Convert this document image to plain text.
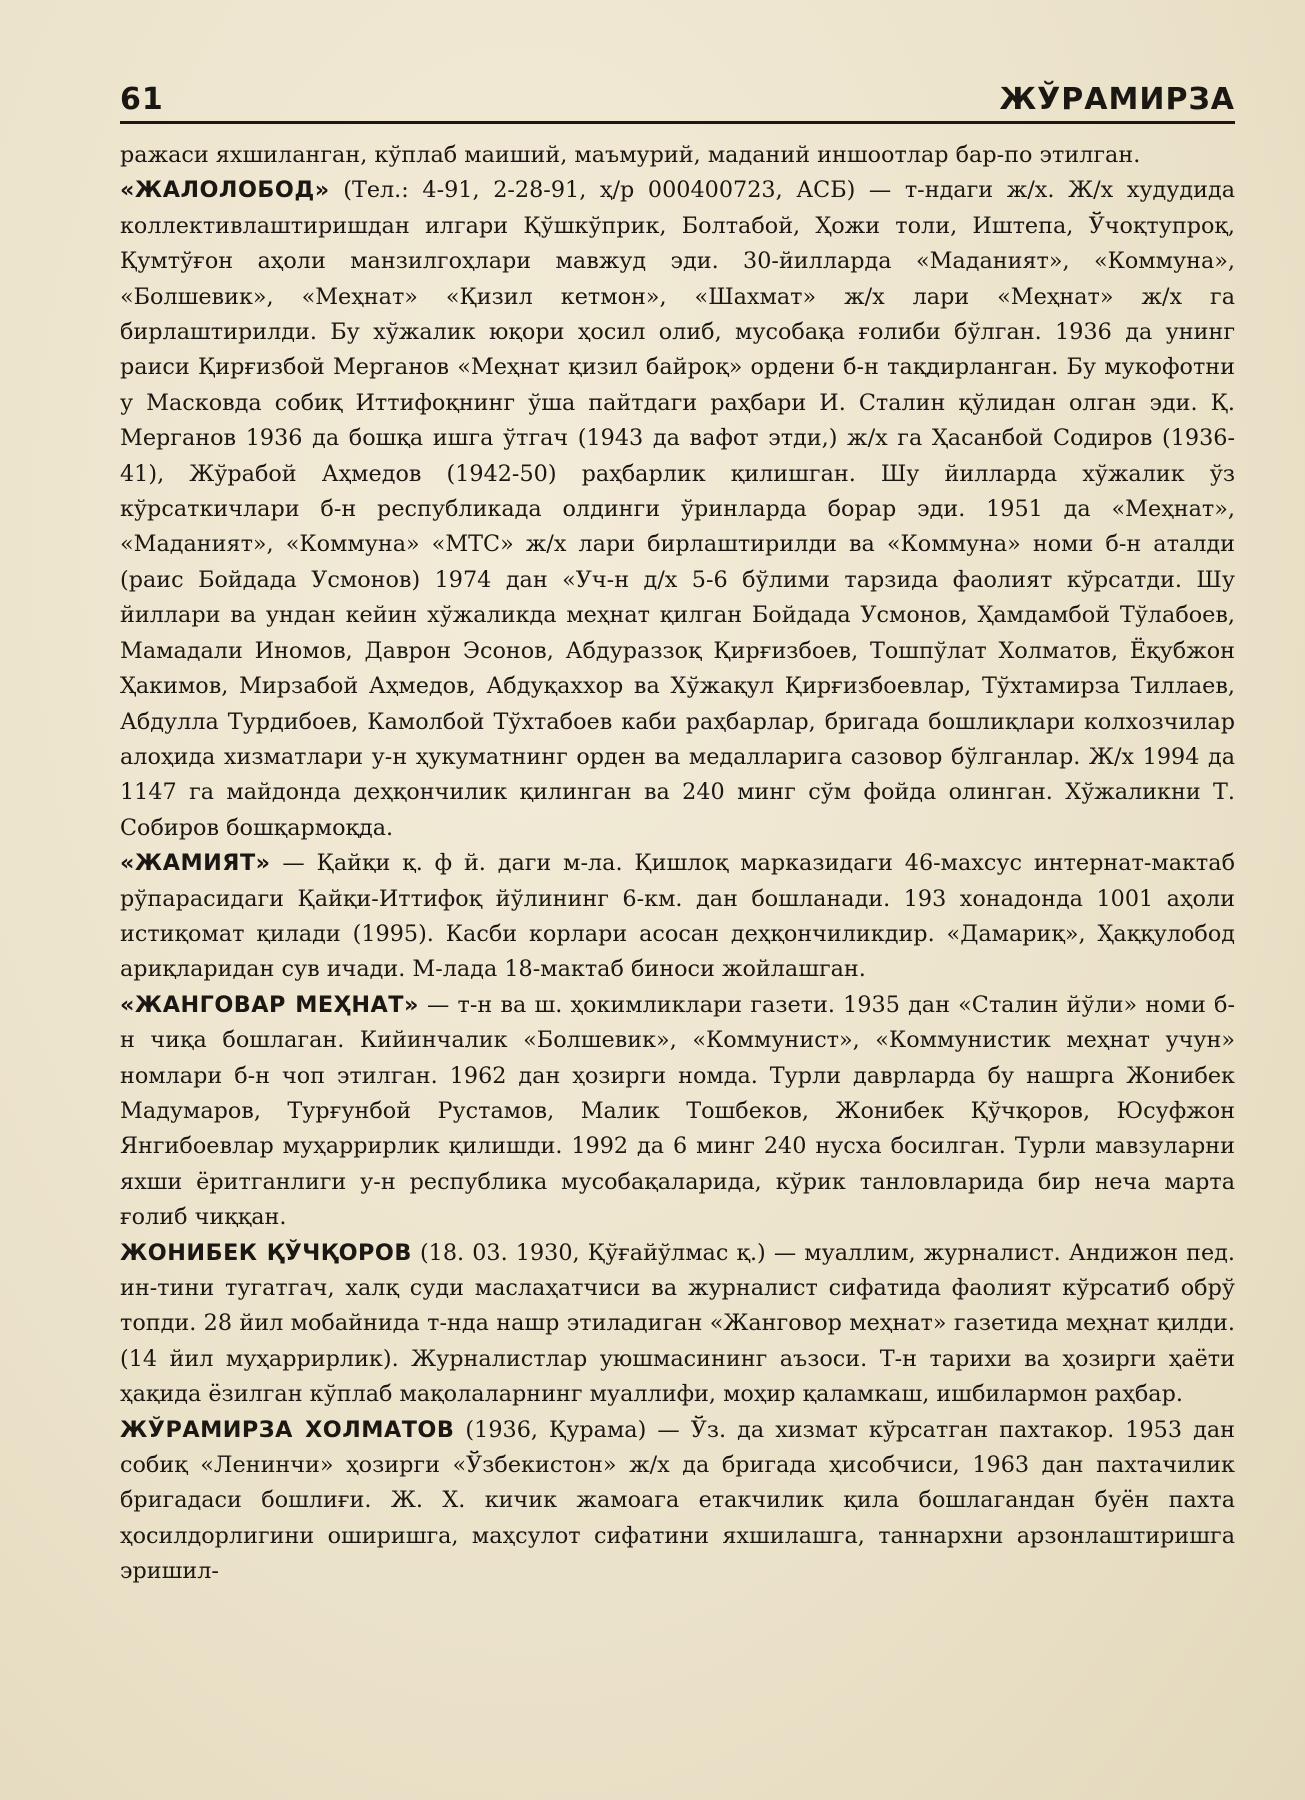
61	ЖЎРАМИРЗА

ражаси яхшиланган, кўплаб маиший, маъмурий, маданий иншоотлар бар-по этилган.

«ЖАЛОЛОБОД» (Тел.: 4-91, 2-28-91, ҳ/р 000400723, АСБ) — т-ндаги ж/х. Ж/х худудида коллективлаштиришдан илгари Қўшкўприк, Болтабой, Ҳожи толи, Иштепа, Ўчоқтупроқ, Қумтўғон аҳоли манзилгоҳлари мавжуд эди. 30-йилларда «Маданият», «Коммуна», «Болшевик», «Меҳнат» «Қизил кетмон», «Шахмат» ж/х лари «Меҳнат» ж/х га бирлаштирилди. Бу хўжалик юқори ҳосил олиб, мусобақа ғолиби бўлган. 1936 да унинг раиси Қирғизбой Мерганов «Меҳнат қизил байроқ» ордени б-н тақдирланган. Бу мукофотни у Масковда собиқ Иттифоқнинг ўша пайтдаги раҳбари И. Сталин қўлидан олган эди. Қ. Мерганов 1936 да бошқа ишга ўтгач (1943 да вафот этди,) ж/х га Ҳасанбой Содиров (1936-41), Жўрабой Аҳмедов (1942-50) раҳбарлик қилишган. Шу йилларда хўжалик ўз кўрсаткичлари б-н республикада олдинги ўринларда борар эди. 1951 да «Меҳнат», «Маданият», «Коммуна» «МТС» ж/х лари бирлаштирилди ва «Коммуна» номи б-н аталди (раис Бойдада Усмонов) 1974 дан «Уч-н д/х 5-6 бўлими тарзида фаолият кўрсатди. Шу йиллари ва ундан кейин хўжаликда меҳнат қилган Бойдада Усмонов, Ҳамдамбой Тўлабоев, Мамадали Иномов, Даврон Эсонов, Абдураззоқ Қирғизбоев, Тошпўлат Холматов, Ёқубжон Ҳакимов, Мирзабой Аҳмедов, Абдуқаххор ва Хўжақул Қирғизбоевлар, Тўхтамирза Тиллаев, Абдулла Турдибоев, Камолбой Тўхтабоев каби раҳбарлар, бригада бошлиқлари колхозчилар алоҳида хизматлари у-н ҳукуматнинг орден ва медалларига сазовор бўлганлар. Ж/х 1994 да 1147 га майдонда деҳқончилик қилинган ва 240 минг сўм фойда олинган. Хўжаликни Т. Собиров бошқармоқда.

«ЖАМИЯТ» — Қайқи қ. ф й. даги м-ла. Қишлоқ марказидаги 46-махсус интернат-мактаб рўпарасидаги Қайқи-Иттифоқ йўлининг 6-км. дан бошланади. 193 хонадонда 1001 аҳоли истиқомат қилади (1995). Касби корлари асосан деҳқончиликдир. «Дамариқ», Ҳаққулобод ариқларидан сув ичади. М-лада 18-мактаб биноси жойлашган.

«ЖАНГОВАР МЕҲНАТ» — т-н ва ш. ҳокимликлари газети. 1935 дан «Сталин йўли» номи б-н чиқа бошлаган. Кийинчалик «Болшевик», «Коммунист», «Коммунистик меҳнат учун» номлари б-н чоп этилган. 1962 дан ҳозирги номда. Турли даврларда бу нашрга Жонибек Мадумаров, Турғунбой Рустамов, Малик Тошбеков, Жонибек Қўчқоров, Юсуфжон Янгибоевлар муҳаррирлик қилишди. 1992 да 6 минг 240 нусха босилган. Турли мавзуларни яхши ёритганлиги у-н республика мусобақаларида, кўрик танловларида бир неча марта ғолиб чиққан.

ЖОНИБЕК ҚЎЧҚОРОВ (18. 03. 1930, Қўғайўлмас қ.) — муаллим, журналист. Андижон пед. ин-тини тугатгач, халқ суди маслаҳатчиси ва журналист сифатида фаолият кўрсатиб обрў топди. 28 йил мобайнида т-нда нашр этиладиган «Жанговор меҳнат» газетида меҳнат қилди. (14 йил муҳаррирлик). Журналистлар уюшмасининг аъзоси. Т-н тарихи ва ҳозирги ҳаёти ҳақида ёзилган кўплаб мақолаларнинг муаллифи, моҳир қаламкаш, ишбилармон раҳбар.

ЖЎРАМИРЗА ХОЛМАТОВ (1936, Қурама) — Ўз. да хизмат кўрсатган пахтакор. 1953 дан собиқ «Ленинчи» ҳозирги «Ўзбекистон» ж/х да бригада ҳисобчиси, 1963 дан пахтачилик бригадаси бошлиғи. Ж. Х. кичик жамоага етакчилик қила бошлагандан буён пахта ҳосилдорлигини оширишга, маҳсулот сифатини яхшилашга, таннархни арзонлаштиришга эришил-
